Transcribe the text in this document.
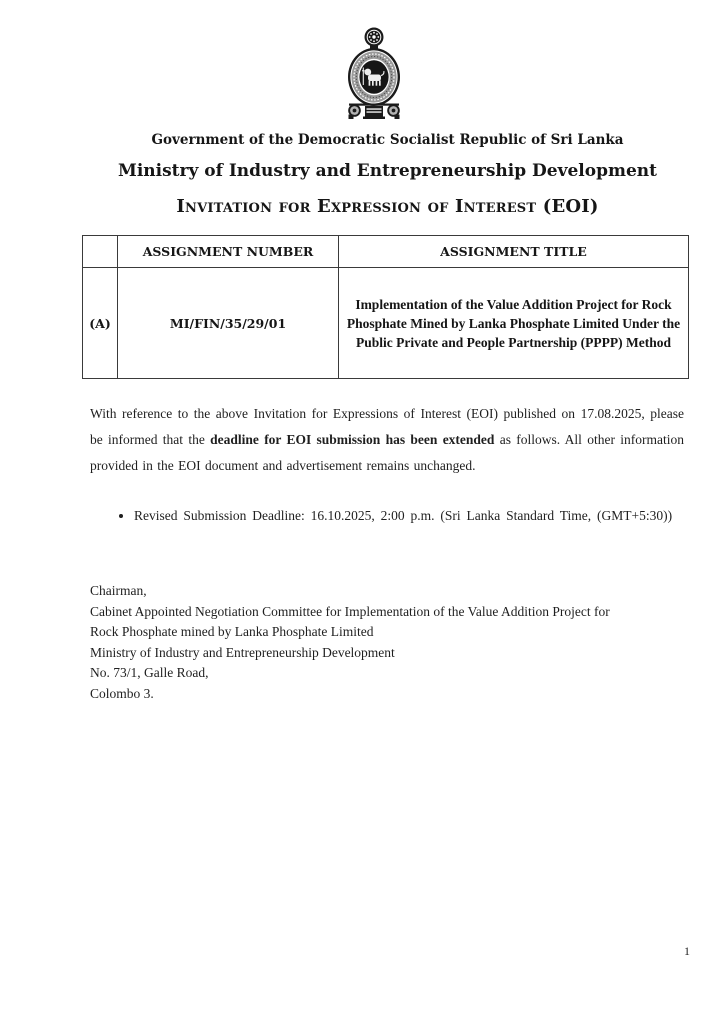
Government of the Democratic Socialist Republic of Sri Lanka
Ministry of Industry and Entrepreneurship Development
Invitation for Expression of Interest (EOI)
	ASSIGNMENT NUMBER	ASSIGNMENT TITLE
(A)	MI/FIN/35/29/01	Implementation of the Value Addition Project for Rock Phosphate Mined by Lanka Phosphate Limited Under the Public Private and People Partnership (PPPP) Method

With reference to the above Invitation for Expressions of Interest (EOI) published on 17.08.2025, please be informed that the deadline for EOI submission has been extended as follows. All other information provided in the EOI document and advertisement remains unchanged.

• Revised Submission Deadline: 16.10.2025, 2:00 p.m. (Sri Lanka Standard Time, (GMT+5:30))
Chairman,
Cabinet Appointed Negotiation Committee for Implementation of the Value Addition Project for
Rock Phosphate mined by Lanka Phosphate Limited
Ministry of Industry and Entrepreneurship Development
No. 73/1, Galle Road,
Colombo 3.
1
